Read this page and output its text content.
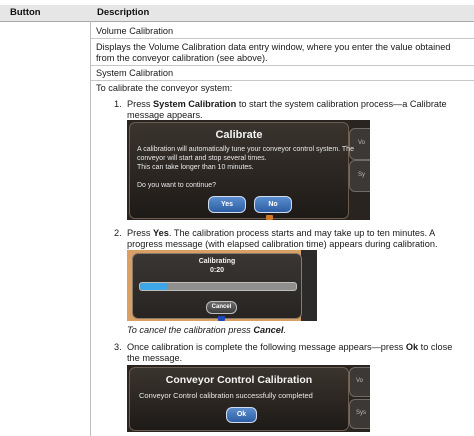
Button	Description
Volume Calibration
Displays the Volume Calibration data entry window, where you enter the value obtained
from the conveyor calibration (see above).
System Calibration
To calibrate the conveyor system:
1. Press System Calibration to start the system calibration process—a Calibrate
message appears.
Vo
Sy
Calibrate
A calibration will automatically tune your conveyor control system. The
conveyor will start and stop several times.
This can take longer than 10 minutes.
Do you want to continue?
Yes	No
2. Press Yes. The calibration process starts and may take up to ten minutes. A
progress message (with elapsed calibration time) appears during calibration.
Calibrating
0:20
Cancel
To cancel the calibration press Cancel.
3. Once calibration is complete the following message appears—press Ok to close
the message.
Vo
Sys
Conveyor Control Calibration
Conveyor Control calibration successfully completed
Ok
